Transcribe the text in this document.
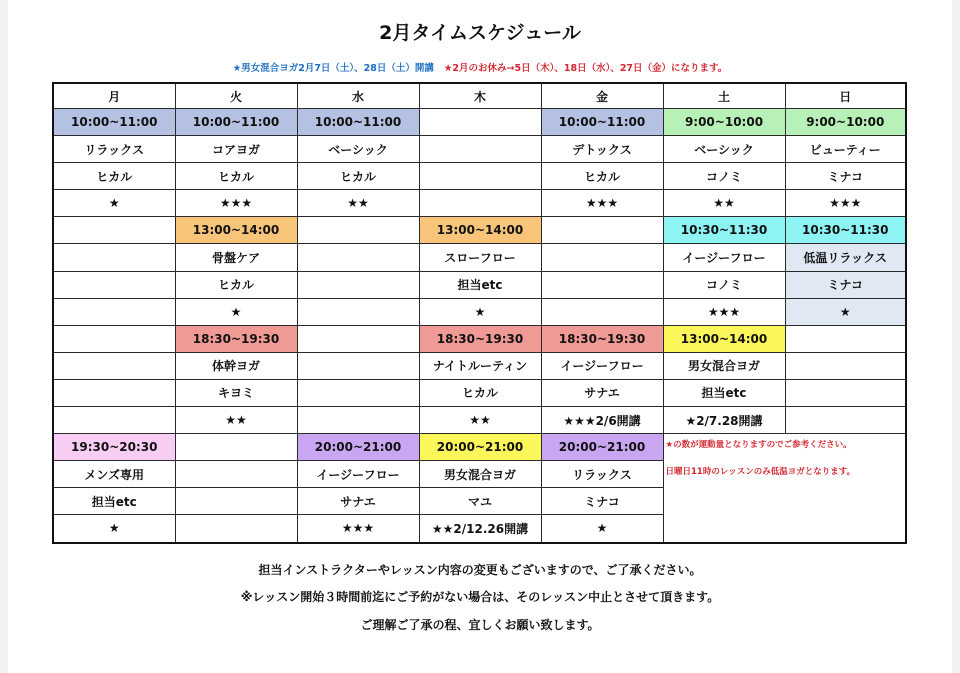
2月タイムスケジュール
★男女混合ヨガ2月7日（土）、28日（土）開講 ★2月のお休み→5日（木）、18日（水）、27日（金）になります。
月	火	水	木	金	土	日
10:00~11:00	10:00~11:00	10:00~11:00		10:00~11:00	9:00~10:00	9:00~10:00
リラックス	コアヨガ	ベーシック		デトックス	ベーシック	ビューティー
ヒカル	ヒカル	ヒカル		ヒカル	コノミ	ミナコ
★	★★★	★★		★★★	★★	★★★
	13:00~14:00		13:00~14:00		10:30~11:30	10:30~11:30
	骨盤ケア		スローフロー		イージーフロー	低温リラックス
	ヒカル		担当etc		コノミ	ミナコ
	★		★		★★★	★
	18:30~19:30		18:30~19:30	18:30~19:30	13:00~14:00	
	体幹ヨガ		ナイトルーティン	イージーフロー	男女混合ヨガ	
	キヨミ		ヒカル	サナエ	担当etc	
	★★		★★	★★★2/6開講	★2/7.28開講	
19:30~20:30		20:00~21:00	20:00~21:00	20:00~21:00	★の数が運動量となりますのでご参考ください。

日曜日11時のレッスンのみ低温ヨガとなります。	

メンズ専用		イージーフロー	男女混合ヨガ	リラックス		
担当etc		サナエ	マユ	ミナコ		
★		★★★	★★2/12.26開講	★		
担当インストラクターやレッスン内容の変更もございますので、ご了承ください。
※レッスン開始３時間前迄にご予約がない場合は、そのレッスン中止とさせて頂きます。
ご理解ご了承の程、宜しくお願い致します。
